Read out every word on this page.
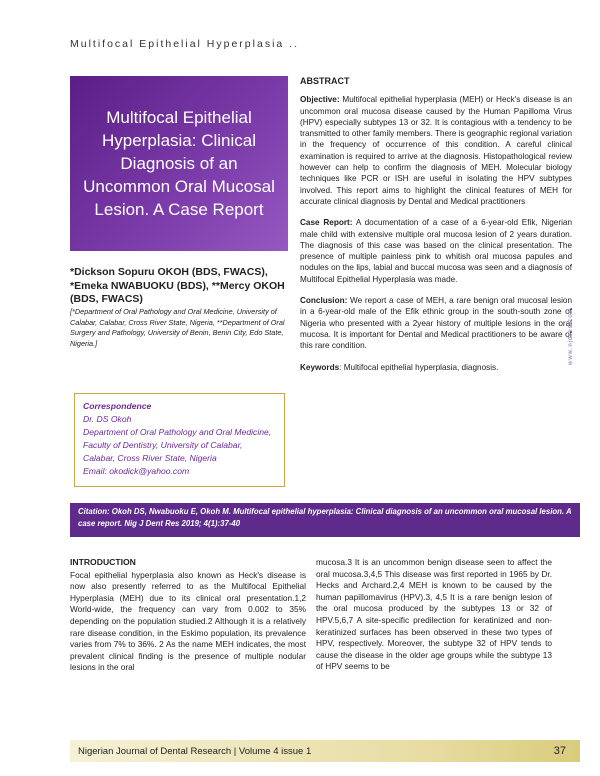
Multifocal Epithelial Hyperplasia ..
Multifocal Epithelial Hyperplasia: Clinical Diagnosis of an Uncommon Oral Mucosal Lesion. A Case Report

*Dickson Sopuru OKOH (BDS, FWACS),

*Emeka NWABUOKU (BDS), **Mercy OKOH (BDS, FWACS)

[*Department of Oral Pathology and Oral Medicine, University of Calabar, Calabar, Cross River State, Nigeria, **Department of Oral Surgery and Pathology, University of Benin, Benin City, Edo State, Nigeria.]
Correspondence
Dr. DS Okoh
Department of Oral Pathology and Oral Medicine,
Faculty of Dentistry, University of Calabar,
Calabar, Cross River State, Nigeria
Email: okodick@yahoo.com
ABSTRACT

Objective: Multifocal epithelial hyperplasia (MEH) or Heck's disease is an uncommon oral mucosa disease caused by the Human Papilloma Virus (HPV) especially subtypes 13 or 32. It is contagious with a tendency to be transmitted to other family members. There is geographic regional variation in the frequency of occurrence of this condition. A careful clinical examination is required to arrive at the diagnosis. Histopathological review however can help to confirm the diagnosis of MEH. Molecular biology techniques like PCR or ISH are useful in isolating the HPV subtypes involved. This report aims to highlight the clinical features of MEH for accurate clinical diagnosis by Dental and Medical practitioners

Case Report: A documentation of a case of a 6-year-old Efik, Nigerian male child with extensive multiple oral mucosa lesion of 2 years duration. The diagnosis of this case was based on the clinical presentation. The presence of multiple painless pink to whitish oral mucosa papules and nodules on the lips, labial and buccal mucosa was seen and a diagnosis of Multifocal Epithelial Hyperplasia was made.

Conclusion: We report a case of MEH, a rare benign oral mucosal lesion in a 6-year-old male of the Efik ethnic group in the south-south zone of Nigeria who presented with a 2year history of multiple lesions in the oral mucosa. It is important for Dental and Medical practitioners to be aware of this rare condition.

Keywords: Multifocal epithelial hyperplasia, diagnosis.

www.njdres.com
Citation: Okoh DS, Nwabuoku E, Okoh M. Multifocal epithelial hyperplasia: Clinical diagnosis of an uncommon oral mucosal lesion. A case report. Nig J Dent Res 2019; 4(1):37-40
INTRODUCTION

Focal epithelial hyperplasia also known as Heck's disease is now also presently referred to as the Multifocal Epithelial Hyperplasia (MEH) due to its clinical oral presentation.1,2 World-wide, the frequency can vary from 0.002 to 35% depending on the population studied.2 Although it is a relatively rare disease condition, in the Eskimo population, its prevalence varies from 7% to 36%. 2 As the name MEH indicates, the most prevalent clinical finding is the presence of multiple nodular lesions in the oral

mucosa.3 It is an uncommon benign disease seen to affect the oral mucosa.3,4,5 This disease was first reported in 1965 by Dr. Hecks and Archard.2,4 MEH is known to be caused by the human papillomavirus (HPV).3, 4,5 It is a rare benign lesion of the oral mucosa produced by the subtypes 13 or 32 of HPV.5,6,7 A site-specific predilection for keratinized and non-keratinized surfaces has been observed in these two types of HPV, respectively. Moreover, the subtype 32 of HPV tends to cause the disease in the older age groups while the subtype 13 of HPV seems to be

Nigerian Journal of Dental Research | Volume 4 issue 1	37
